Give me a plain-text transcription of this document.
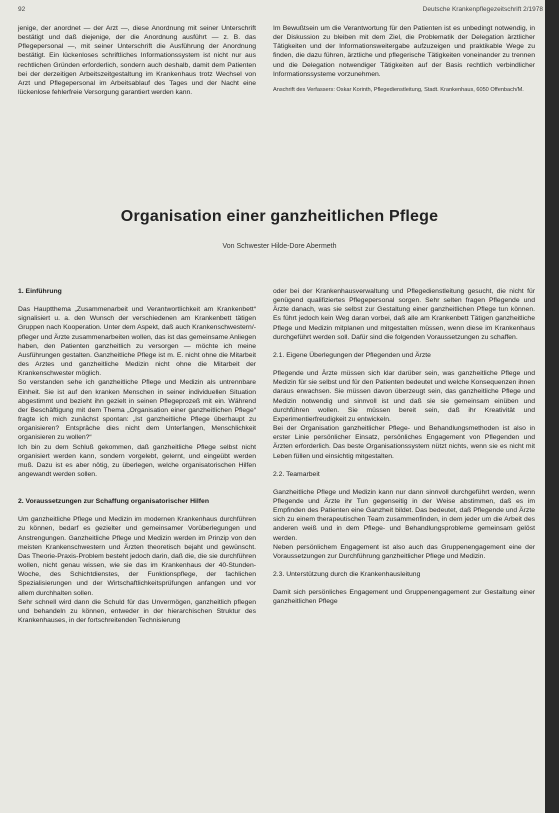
92	Deutsche Krankenpflegezeitschrift 2/1978

jenige, der anordnet — der Arzt —, diese Anordnung mit seiner Unterschrift bestätigt und daß diejenige, der die Anordnung ausführt — z. B. das Pflegepersonal —, mit seiner Unterschrift die Ausführung der Anordnung bestätigt. Ein lückenloses schriftliches Informationssystem ist nicht nur aus rechtlichen Gründen erforderlich, sondern auch deshalb, damit dem Patienten bei der derzeitigen Arbeitszeitgestaltung im Krankenhaus trotz Wechsel von Arzt und Pflegepersonal im Arbeitsablauf des Tages und der Nacht eine lückenlose fehlerfreie Versorgung garantiert werden kann.

Im Bewußtsein um die Verantwortung für den Patienten ist es unbedingt notwendig, in der Diskussion zu bleiben mit dem Ziel, die Problematik der Delegation ärztlicher Tätigkeiten und der Informationsweitergabe aufzuzeigen und praktikable Wege zu finden, die dazu führen, ärztliche und pflegerische Tätigkeiten voneinander zu trennen und die Delegation notwendiger Tätigkeiten auf der Basis rechtlich verbindlicher Informationssysteme vorzunehmen.

Anschrift des Verfassers: Oskar Korinth, Pflegedienstleitung, Stadt. Krankenhaus, 6050 Offenbach/M.

Organisation einer ganzheitlichen Pflege
Von Schwester Hilde-Dore Abermeth

1. Einführung

Das Hauptthema „Zusammenarbeit und Verantwortlichkeit am Krankenbett“ signalisiert u. a. den Wunsch der verschiedenen am Krankenbett tätigen Gruppen nach Kooperation. Unter dem Aspekt, daß auch Krankenschwestern/-pfleger und Ärzte zusammenarbeiten wollen, das ist das gemeinsame Anliegen haben, den Patienten ganzheitlich zu versorgen — möchte ich meine Ausführungen gestalten. Ganzheitliche Pflege ist m. E. nicht ohne die Mitarbeit des Arztes und ganzheitliche Medizin nicht ohne die Mitarbeit der Krankenschwester möglich.

So verstanden sehe ich ganzheitliche Pflege und Medizin als untrennbare Einheit. Sie ist auf den kranken Menschen in seiner individuellen Situation abgestimmt und bezieht ihn gezielt in seinen Pflegeprozeß mit ein. Während der Beschäftigung mit dem Thema „Organisation einer ganzheitlichen Pflege“ fragte ich mich zunächst spontan: „Ist ganzheitliche Pflege überhaupt zu organisieren? Entspräche dies nicht dem Unterfangen, Menschlichkeit organisieren zu wollen?“

Ich bin zu dem Schluß gekommen, daß ganzheitliche Pflege selbst nicht organisiert werden kann, sondern vorgelebt, gelernt, und eingeübt werden muß. Dazu ist es aber nötig, zu überlegen, welche organisatorischen Hilfen angewandt werden sollen.

2. Voraussetzungen zur Schaffung organisatorischer Hilfen

Um ganzheitliche Pflege und Medizin im modernen Krankenhaus durchführen zu können, bedarf es gezielter und gemeinsamer Vorüberlegungen und Anstrengungen. Ganzheitliche Pflege und Medizin werden im Prinzip von den meisten Krankenschwestern und Ärzten theoretisch bejaht und gewünscht. Das Theorie-Praxis-Problem besteht jedoch darin, daß die, die sie durchführen wollen, nicht genau wissen, wie sie das im Krankenhaus der 40-Stunden-Woche, des Schichtdienstes, der Funktionspflege, der fachlichen Spezialisierungen und der Wirtschaftlichkeitsprüfungen anfangen und vor allem durchhalten sollen.

Sehr schnell wird dann die Schuld für das Unvermögen, ganzheitlich pflegen und behandeln zu können, entweder in der hierarchischen Struktur des Krankenhauses, in der fortschreitenden Technisierung

oder bei der Krankenhausverwaltung und Pflegedienstleitung gesucht, die nicht für genügend qualifiziertes Pflegepersonal sorgen. Sehr selten fragen Pflegende und Ärzte danach, was sie selbst zur Gestaltung einer ganzheitlichen Pflege tun können. Es führt jedoch kein Weg daran vorbei, daß alle am Krankenbett Tätigen ganzheitliche Pflege und Medizin mitplanen und mitgestalten müssen, wenn diese im Krankenhaus durchgeführt werden soll. Dafür sind die folgenden Voraussetzungen zu schaffen.

2.1. Eigene Überlegungen der Pflegenden und Ärzte

Pflegende und Ärzte müssen sich klar darüber sein, was ganzheitliche Pflege und Medizin für sie selbst und für den Patienten bedeutet und welche Konsequenzen ihnen daraus erwachsen. Sie müssen davon überzeugt sein, das ganzheitliche Pflege und Medizin notwendig und sinnvoll ist und daß sie sie gemeinsam einüben und durchführen wollen. Sie müssen bereit sein, daß ihr Kreativität und Experimentierfreudigkeit zu entwickeln.

Bei der Organisation ganzheitlicher Pflege- und Behandlungsmethoden ist also in erster Linie persönlicher Einsatz, persönliches Engagement von Pflegenden und Ärzten erforderlich. Das beste Organisationssystem nützt nichts, wenn sie es nicht mit Leben füllen und einsichtig mitgestalten.

2.2. Teamarbeit

Ganzheitliche Pflege und Medizin kann nur dann sinnvoll durchgeführt werden, wenn Pflegende und Ärzte ihr Tun gegenseitig in der Weise abstimmen, daß es im Empfinden des Patienten eine Ganzheit bildet. Das bedeutet, daß Pflegende und Ärzte sich zu einem therapeutischen Team zusammenfinden, in dem jeder um die Arbeit des anderen weiß und in dem Pflege- und Behandlungsprobleme gemeinsam gelöst werden.

Neben persönlichem Engagement ist also auch das Gruppenengagement eine der Voraussetzungen zur Durchführung ganzheitlicher Pflege und Medizin.

2.3. Unterstützung durch die Krankenhausleitung

Damit sich persönliches Engagement und Gruppenengagement zur Gestaltung einer ganzheitlichen Pflege
